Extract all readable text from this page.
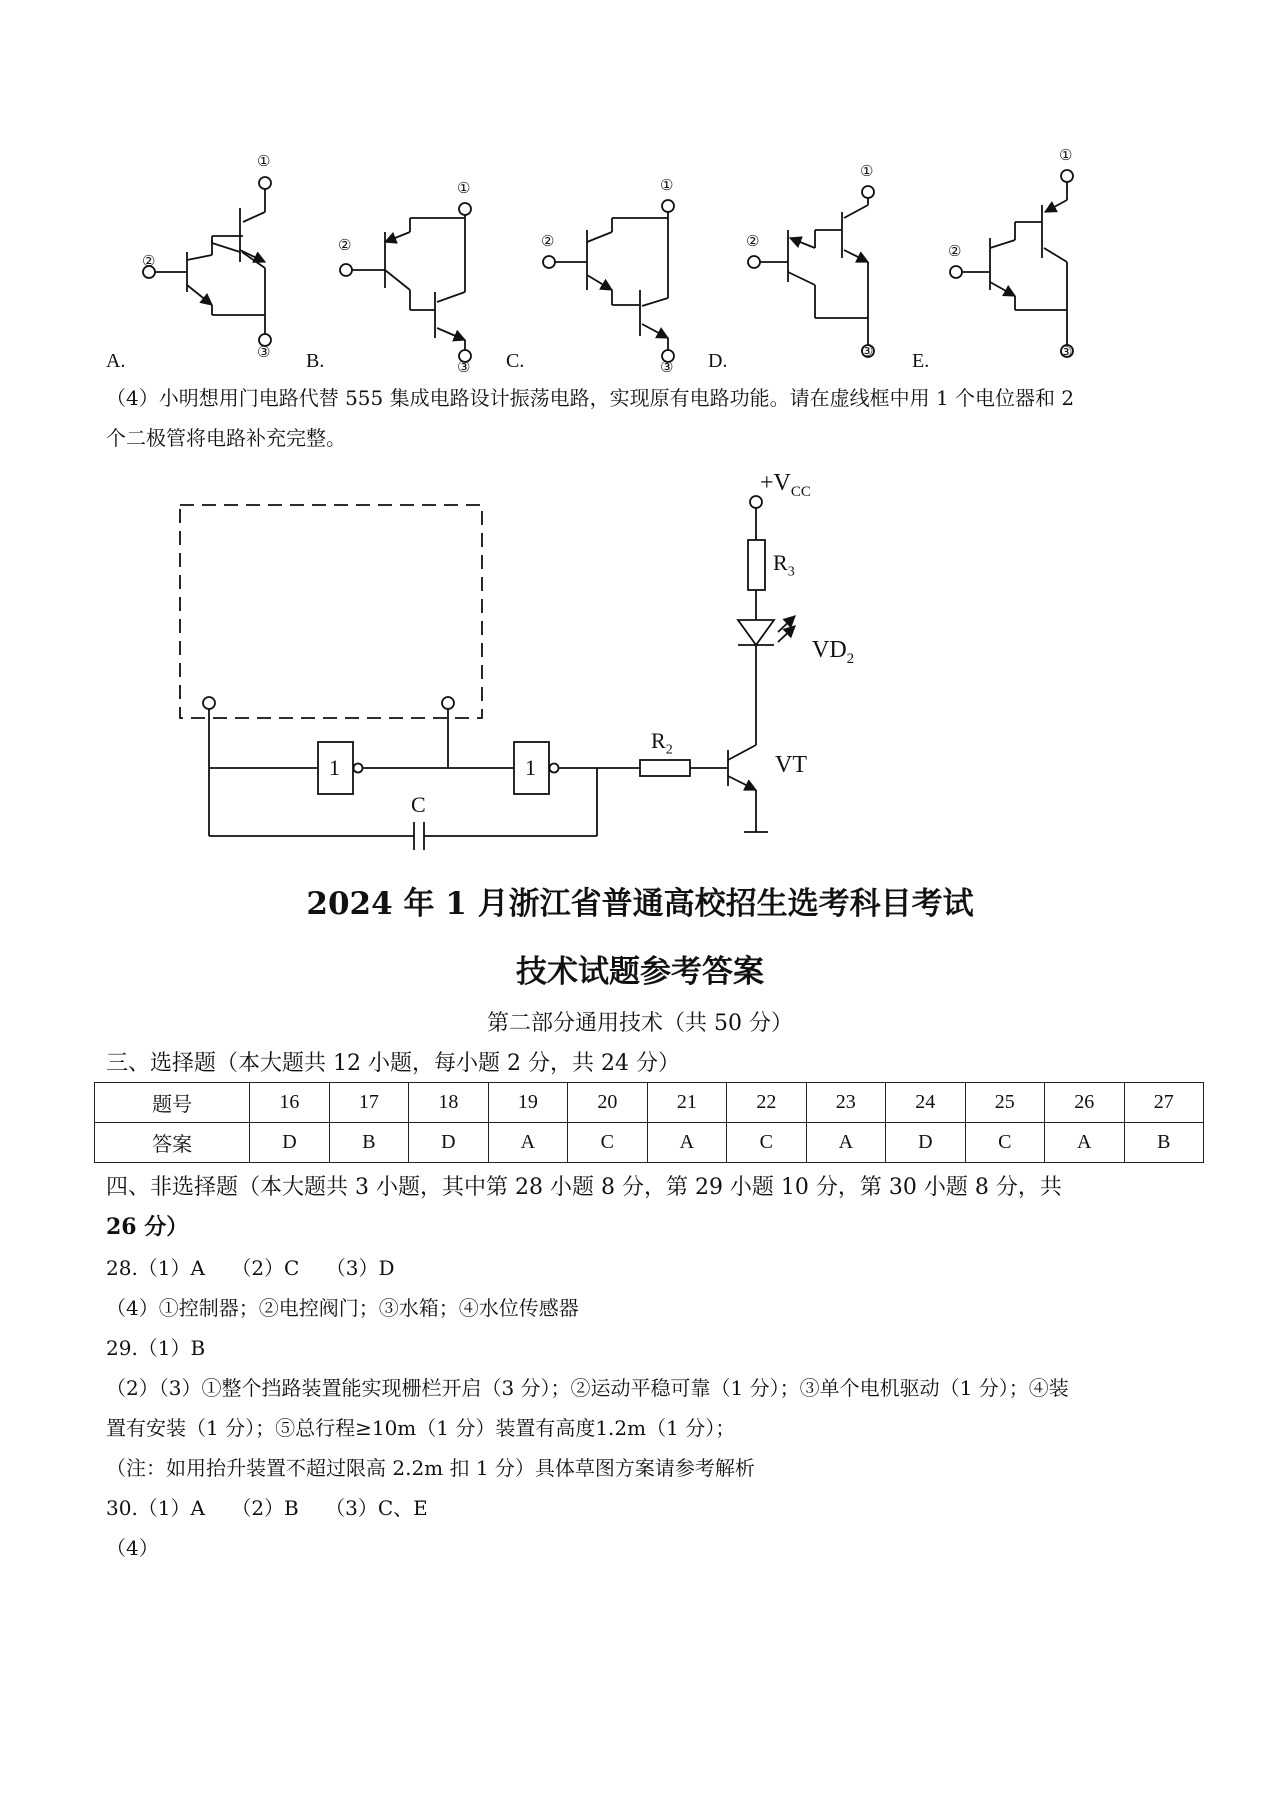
①
②
③
①
②
③
①
②
③
①
②
③
①
②
③
A.	B.	C.	D.	E.
（4）小明想用门电路代替 555 集成电路设计振荡电路，实现原有电路功能。请在虚线框中用 1 个电位器和 2
个二极管将电路补充完整。
$+V_{CC}$
$R_3$
$VD_2$
$R_2$
VT
C
1	1
2024 年 1 月浙江省普通高校招生选考科目考试
技术试题参考答案
第二部分通用技术（共 50 分）
三、选择题（本大题共 12 小题，每小题 2 分，共 24 分）
题号	16	17	18	19	20	21	22	23	24	25	26	27
答案	D	B	D	A	C	A	C	A	D	C	A	B
四、非选择题（本大题共 3 小题，其中第 28 小题 8 分，第 29 小题 10 分，第 30 小题 8 分，共
26 分）
28.（1）A　 （2）C　 （3）D
（4）①控制器；②电控阀门；③水箱；④水位传感器
29.（1）B
（2）（3）①整个挡路装置能实现栅栏开启（3 分）；②运动平稳可靠（1 分）；③单个电机驱动（1 分）；④装
置有安装（1 分）；⑤总行程≥10m（1 分）装置有高度1.2m（1 分）；
（注：如用抬升装置不超过限高 2.2m 扣 1 分）具体草图方案请参考解析
30.（1）A　 （2）B　 （3）C、E
（4）
